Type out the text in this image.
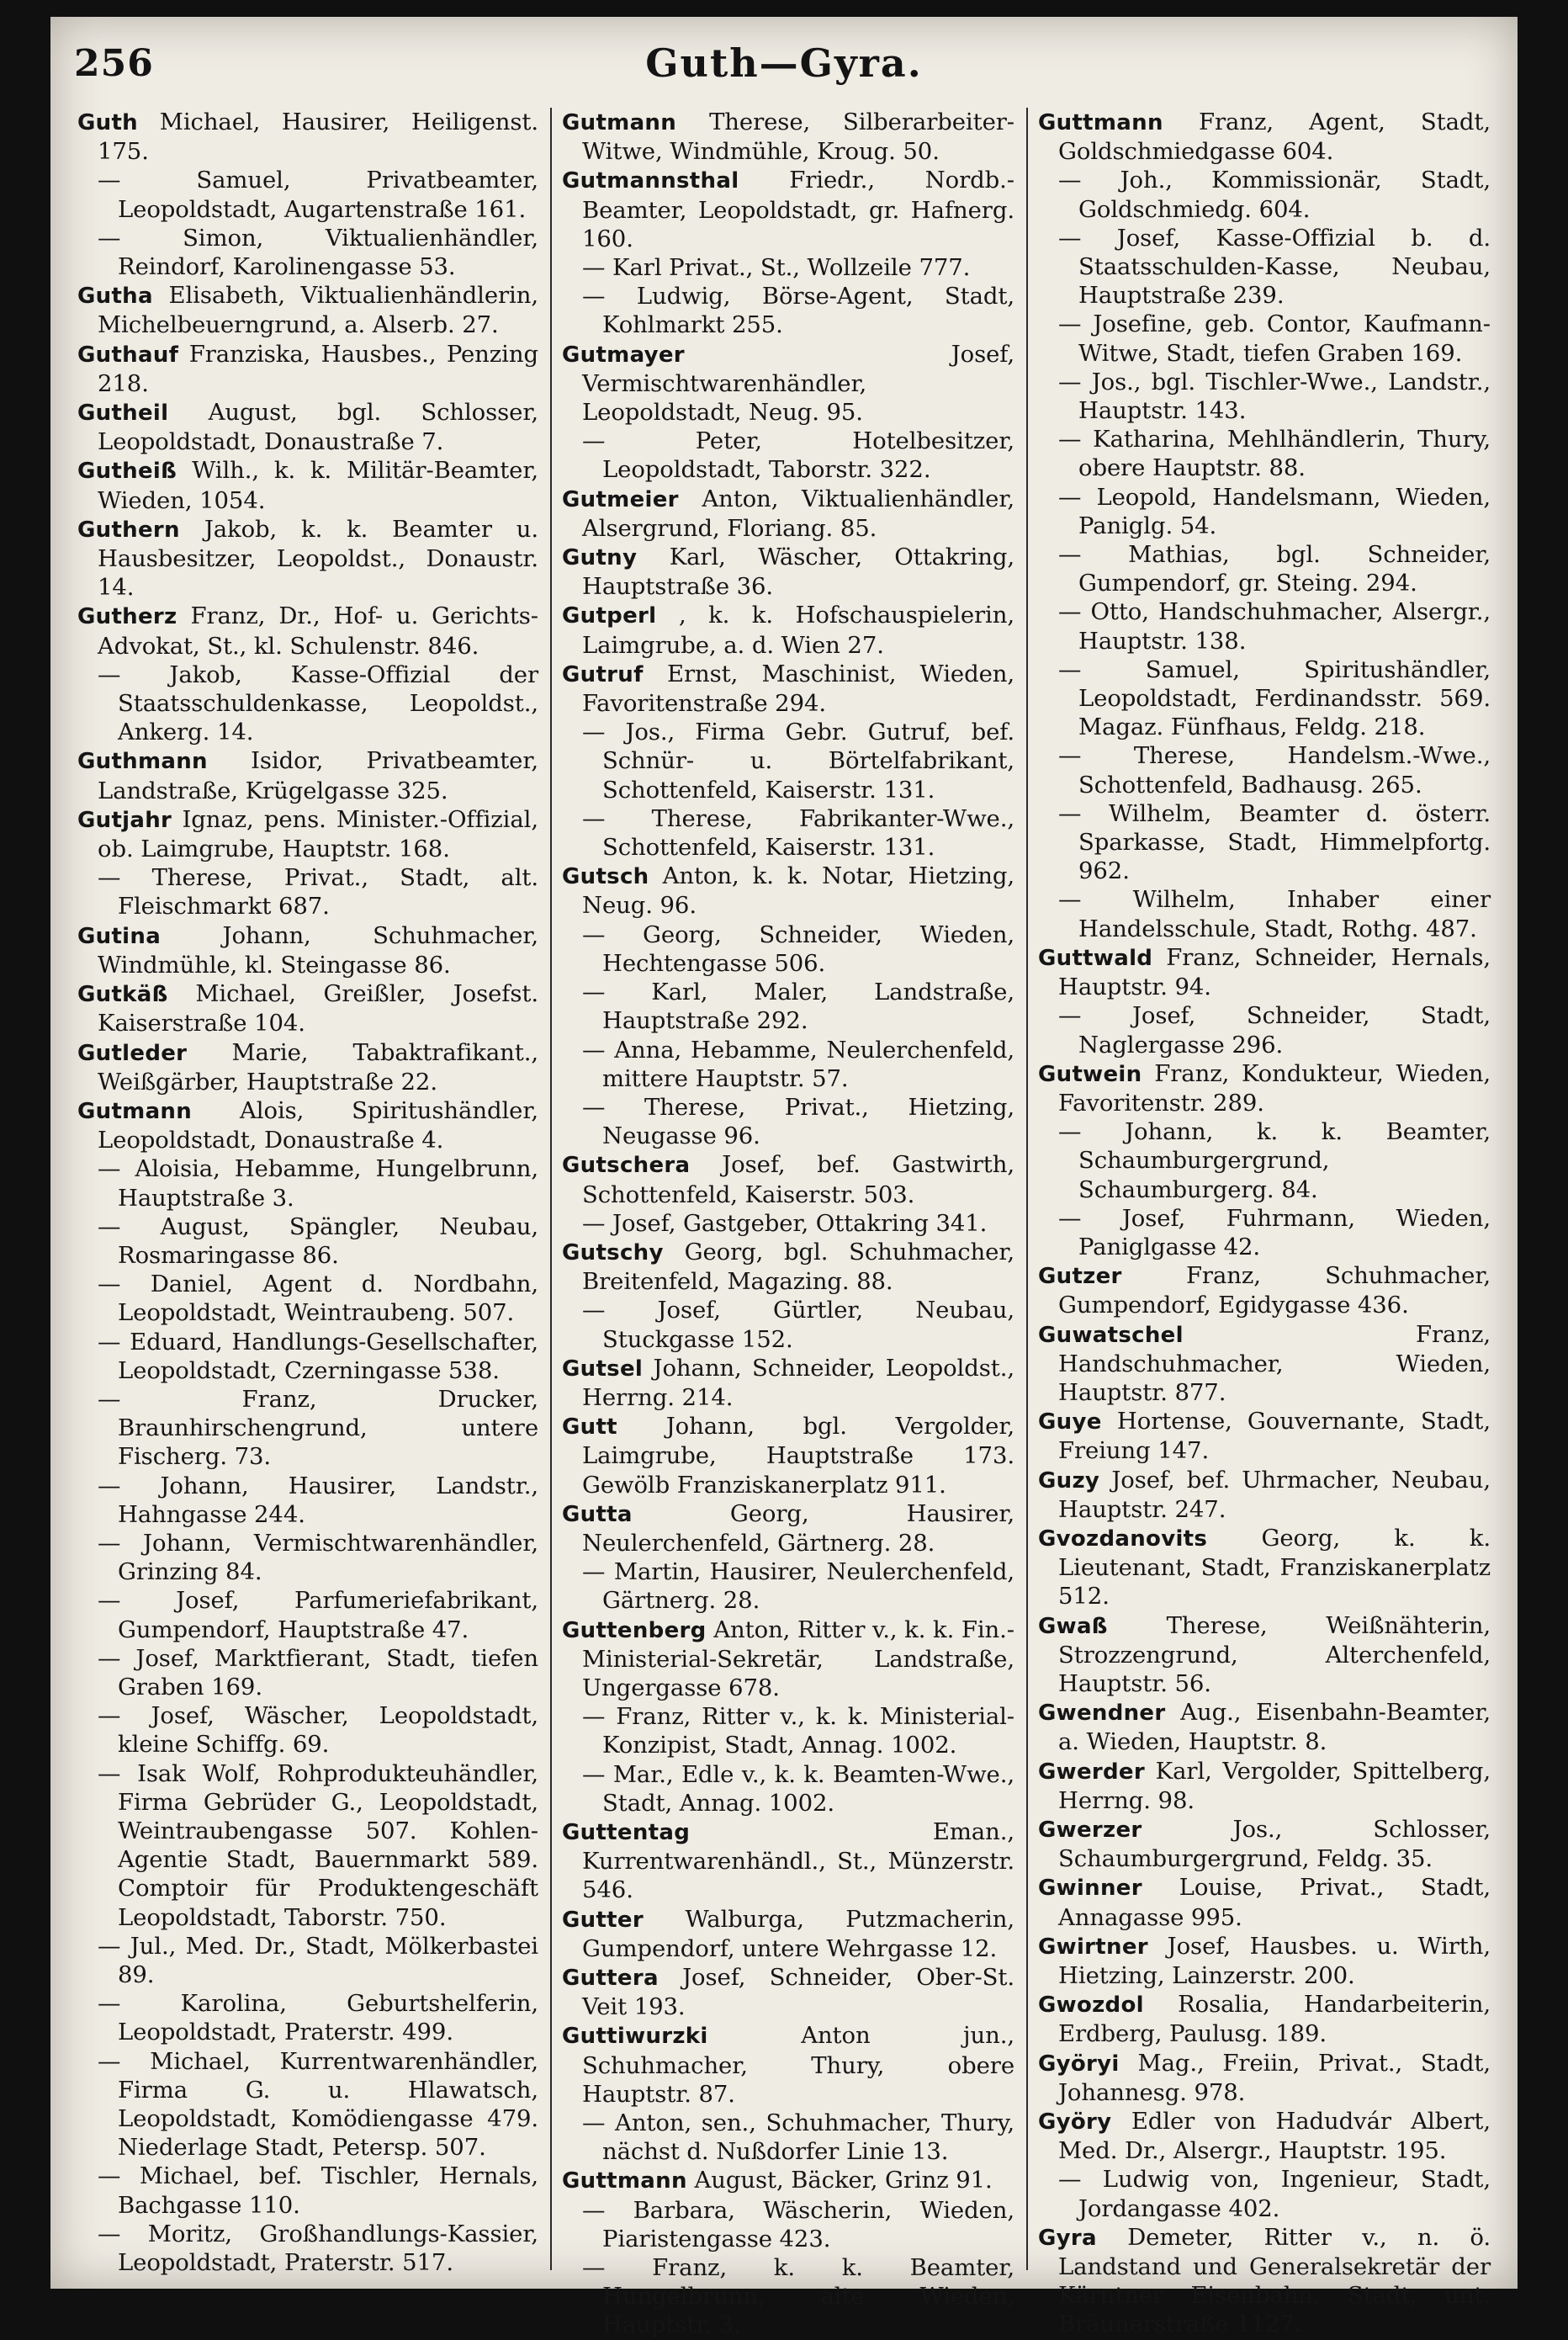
256	Guth—Gyra.

Guth Michael, Hausirer, Heiligenst. 175.

— Samuel, Privatbeamter, Leopoldstadt, Augartenstraße 161.

— Simon, Viktualienhändler, Reindorf, Karolinengasse 53.

Gutha Elisabeth, Viktualienhändlerin, Michelbeuerngrund, a. Alserb. 27.

Guthauf Franziska, Hausbes., Penzing 218.

Gutheil August, bgl. Schlosser, Leopoldstadt, Donaustraße 7.

Gutheiß Wilh., k. k. Militär-Beamter, Wieden, 1054.

Guthern Jakob, k. k. Beamter u. Hausbesitzer, Leopoldst., Donaustr. 14.

Gutherz Franz, Dr., Hof- u. Gerichts-Advokat, St., kl. Schulenstr. 846.

— Jakob, Kasse-Offizial der Staatsschuldenkasse, Leopoldst., Ankerg. 14.

Guthmann Isidor, Privatbeamter, Landstraße, Krügelgasse 325.

Gutjahr Ignaz, pens. Minister.-Offizial, ob. Laimgrube, Hauptstr. 168.

— Therese, Privat., Stadt, alt. Fleischmarkt 687.

Gutina	Johann, Schuhmacher, Windmühle, kl. Steingasse 86.

Gutkäß Michael, Greißler, Josefst. Kaiserstraße 104.

Gutleder Marie, Tabaktrafikant., Weißgärber, Hauptstraße 22.

Gutmann Alois, Spiritushändler, Leopoldstadt, Donaustraße 4.

— Aloisia, Hebamme, Hungelbrunn, Hauptstraße 3.

— August, Spängler, Neubau, Rosmaringasse 86.

— Daniel, Agent d. Nordbahn, Leopoldstadt, Weintraubeng. 507.

— Eduard, Handlungs-Gesellschafter, Leopoldstadt, Czerningasse 538.

— Franz, Drucker, Braunhirschengrund, untere Fischerg. 73.

— Johann, Hausirer, Landstr., Hahngasse 244.

— Johann, Vermischtwarenhändler, Grinzing 84.

— Josef, Parfumeriefabrikant, Gumpendorf, Hauptstraße 47.

— Josef, Marktfierant, Stadt, tiefen Graben 169.

— Josef, Wäscher, Leopoldstadt, kleine Schiffg. 69.

— Isak Wolf, Rohprodukteuhändler, Firma Gebrüder G., Leopoldstadt, Weintraubengasse 507. Kohlen-Agentie Stadt, Bauernmarkt 589. Comptoir für Produktengeschäft Leopoldstadt, Taborstr. 750.

— Jul., Med. Dr., Stadt, Mölkerbastei 89.

— Karolina, Geburtshelferin, Leopoldstadt, Praterstr. 499.

— Michael, Kurrentwarenhändler, Firma G. u. Hlawatsch, Leopoldstadt, Komödiengasse 479. Niederlage Stadt, Petersp. 507.

— Michael, bef. Tischler, Hernals, Bachgasse 110.

— Moritz, Großhandlungs-Kassier, Leopoldstadt, Praterstr. 517.

Gutmann Therese, Silberarbeiter-Witwe, Windmühle, Kroug. 50.

Gutmannsthal Friedr., Nordb.-Beamter, Leopoldstadt, gr. Hafnerg. 160.

— Karl Privat., St., Wollzeile 777.

— Ludwig, Börse-Agent, Stadt, Kohlmarkt 255.

Gutmayer	Josef, Vermischtwarenhändler, Leopoldstadt, Neug. 95.

— Peter, Hotelbesitzer, Leopoldstadt, Taborstr. 322.

Gutmeier Anton, Viktualienhändler, Alsergrund, Floriang. 85.

Gutny Karl, Wäscher, Ottakring, Hauptstraße 36.

Gutperl , k. k. Hofschauspielerin, Laimgrube, a. d. Wien 27.

Gutruf Ernst, Maschinist, Wieden, Favoritenstraße 294.

— Jos., Firma Gebr. Gutruf, bef. Schnür- u. Börtelfabrikant, Schottenfeld, Kaiserstr. 131.

— Therese, Fabrikanter-Wwe., Schottenfeld, Kaiserstr. 131.

Gutsch Anton, k. k. Notar, Hietzing, Neug. 96.

— Georg, Schneider, Wieden, Hechtengasse 506.

— Karl, Maler, Landstraße, Hauptstraße 292.

— Anna, Hebamme, Neulerchenfeld, mittere Hauptstr. 57.

— Therese, Privat., Hietzing, Neugasse 96.

Gutschera Josef, bef. Gastwirth, Schottenfeld, Kaiserstr. 503.

— Josef, Gastgeber, Ottakring 341.

Gutschy Georg, bgl. Schuhmacher, Breitenfeld, Magazing. 88.

— Josef, Gürtler, Neubau, Stuckgasse 152.

Gutsel Johann, Schneider, Leopoldst., Herrng. 214.

Gutt Johann, bgl. Vergolder, Laimgrube, Hauptstraße 173. Gewölb Franziskanerplatz 911.

Gutta	Georg, Hausirer, Neulerchenfeld, Gärtnerg. 28.

— Martin, Hausirer, Neulerchenfeld, Gärtnerg. 28.

Guttenberg Anton, Ritter v., k. k. Fin.-Ministerial-Sekretär, Landstraße, Ungergasse 678.

— Franz, Ritter v., k. k. Ministerial-Konzipist, Stadt, Annag. 1002.

— Mar., Edle v., k. k. Beamten-Wwe., Stadt, Annag. 1002.

Guttentag	Eman., Kurrentwarenhändl., St., Münzerstr. 546.

Gutter Walburga, Putzmacherin, Gumpendorf, untere Wehrgasse 12.

Guttera Josef, Schneider, Ober-St. Veit 193.

Guttiwurzki	Anton jun., Schuhmacher, Thury, obere Hauptstr. 87.

— Anton, sen., Schuhmacher, Thury, nächst d. Nußdorfer Linie 13.

Guttmann August, Bäcker, Grinz 91.

— Barbara, Wäscherin, Wieden, Piaristengasse 423.

— Franz, k. k. Beamter, Hungelbrunn, alte Wieden, Hauptstr. 3.

Guttmann Franz, Agent, Stadt, Goldschmiedgasse 604.

— Joh., Kommissionär, Stadt, Goldschmiedg. 604.

— Josef, Kasse-Offizial b. d. Staatsschulden-Kasse, Neubau, Hauptstraße 239.

— Josefine, geb. Contor, Kaufmann-Witwe, Stadt, tiefen Graben 169.

— Jos., bgl. Tischler-Wwe., Landstr., Hauptstr. 143.

— Katharina, Mehlhändlerin, Thury, obere Hauptstr. 88.

— Leopold, Handelsmann, Wieden, Paniglg. 54.

— Mathias, bgl. Schneider, Gumpendorf, gr. Steing. 294.

— Otto, Handschuhmacher, Alsergr., Hauptstr. 138.

— Samuel, Spiritushändler, Leopoldstadt, Ferdinandsstr. 569. Magaz. Fünfhaus, Feldg. 218.

— Therese, Handelsm.-Wwe., Schottenfeld, Badhausg. 265.

— Wilhelm, Beamter d. österr. Sparkasse, Stadt, Himmelpfortg. 962.

— Wilhelm, Inhaber einer Handelsschule, Stadt, Rothg. 487.

Guttwald Franz, Schneider, Hernals, Hauptstr. 94.

— Josef, Schneider, Stadt, Naglergasse 296.

Gutwein Franz, Kondukteur, Wieden, Favoritenstr. 289.

— Johann, k. k. Beamter, Schaumburgergrund, Schaumburgerg. 84.

— Josef, Fuhrmann, Wieden, Paniglgasse 42.

Gutzer	Franz, Schuhmacher, Gumpendorf, Egidygasse 436.

Guwatschel	Franz, Handschuhmacher, Wieden, Hauptstr. 877.

Guye Hortense, Gouvernante, Stadt, Freiung 147.

Guzy Josef, bef. Uhrmacher, Neubau, Hauptstr. 247.

Gvozdanovits Georg, k. k. Lieutenant, Stadt, Franziskanerplatz 512.

Gwaß	Therese, Weißnähterin, Strozzengrund, Alterchenfeld, Hauptstr. 56.

Gwendner Aug., Eisenbahn-Beamter, a. Wieden, Hauptstr. 8.

Gwerder Karl, Vergolder, Spittelberg, Herrng. 98.

Gwerzer	Jos., Schlosser, Schaumburgergrund, Feldg. 35.

Gwinner Louise, Privat., Stadt, Annagasse 995.

Gwirtner Josef, Hausbes. u. Wirth, Hietzing, Lainzerstr. 200.

Gwozdol Rosalia, Handarbeiterin, Erdberg, Paulusg. 189.

Györyi Mag., Freiin, Privat., Stadt, Johannesg. 978.

Györy Edler von Hadudvár Albert, Med. Dr., Alsergr., Hauptstr. 195.

— Ludwig von, Ingenieur, Stadt, Jordangasse 402.

Gyra Demeter, Ritter v., n. ö. Landstand und Generalsekretär der Kärntner Eisenbahn, Stadt, unt. Bräunerstraße 1127.
